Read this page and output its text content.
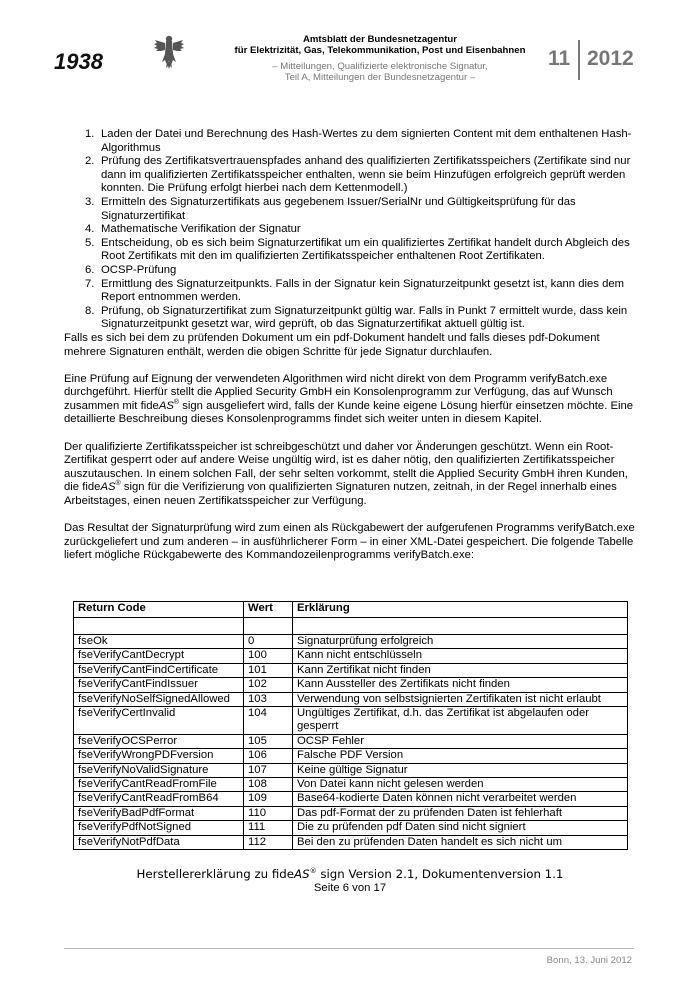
1938
Amtsblatt der Bundesnetzagentur
für Elektrizität, Gas, Telekommunikation, Post und Eisenbahnen
– Mitteilungen, Qualifizierte elektronische Signatur,
Teil A, Mitteilungen der Bundesnetzagentur –
11 2012
1. Laden der Datei und Berechnung des Hash-Wertes zu dem signierten Content mit dem enthaltenen Hash-Algorithmus
2. Prüfung des Zertifikatsvertrauenspfades anhand des qualifizierten Zertifikatsspeichers (Zertifikate sind nur dann im qualifizierten Zertifikatsspeicher enthalten, wenn sie beim Hinzufügen erfolgreich geprüft werden konnten. Die Prüfung erfolgt hierbei nach dem Kettenmodell.)
3. Ermitteln des Signaturzertifikats aus gegebenem Issuer/SerialNr und Gültigkeitsprüfung für das Signaturzertifikat
4. Mathematische Verifikation der Signatur
5. Entscheidung, ob es sich beim Signaturzertifikat um ein qualifiziertes Zertifikat handelt durch Abgleich des Root Zertifikats mit den im qualifizierten Zertifikatsspeicher enthaltenen Root Zertifikaten.
6. OCSP-Prüfung
7. Ermittlung des Signaturzeitpunkts. Falls in der Signatur kein Signaturzeitpunkt gesetzt ist, kann dies dem Report entnommen werden.
8. Prüfung, ob Signaturzertifikat zum Signaturzeitpunkt gültig war. Falls in Punkt 7 ermittelt wurde, dass kein Signaturzeitpunkt gesetzt war, wird geprüft, ob das Signaturzertifikat aktuell gültig ist.

Falls es sich bei dem zu prüfenden Dokument um ein pdf-Dokument handelt und falls dieses pdf-Dokument mehrere Signaturen enthält, werden die obigen Schritte für jede Signatur durchlaufen.

Eine Prüfung auf Eignung der verwendeten Algorithmen wird nicht direkt von dem Programm verifyBatch.exe durchgeführt. Hierfür stellt die Applied Security GmbH ein Konsolenprogramm zur Verfügung, das auf Wunsch zusammen mit fideAS® sign ausgeliefert wird, falls der Kunde keine eigene Lösung hierfür einsetzen möchte. Eine detaillierte Beschreibung dieses Konsolenprogramms findet sich weiter unten in diesem Kapitel.

Der qualifizierte Zertifikatsspeicher ist schreibgeschützt und daher vor Änderungen geschützt. Wenn ein Root-Zertifikat gesperrt oder auf andere Weise ungültig wird, ist es daher nötig, den qualifizierten Zertifikatsspeicher auszutauschen. In einem solchen Fall, der sehr selten vorkommt, stellt die Applied Security GmbH ihren Kunden, die fideAS® sign für die Verifizierung von qualifizierten Signaturen nutzen, zeitnah, in der Regel innerhalb eines Arbeitstages, einen neuen Zertifikatsspeicher zur Verfügung.

Das Resultat der Signaturprüfung wird zum einen als Rückgabewert der aufgerufenen Programms verifyBatch.exe zurückgeliefert und zum anderen – in ausführlicherer Form – in einer XML-Datei gespeichert. Die folgende Tabelle liefert mögliche Rückgabewerte des Kommandozeilenprogramms verifyBatch.exe:

Return Code	Wert	Erklärung

fseOk	0	Signaturprüfung erfolgreich
fseVerifyCantDecrypt	100	Kann nicht entschlüsseln
fseVerifyCantFindCertificate	101	Kann Zertifikat nicht finden
fseVerifyCantFindIssuer	102	Kann Aussteller des Zertifikats nicht finden
fseVerifyNoSelfSignedAllowed	103	Verwendung von selbstsignierten Zertifikaten ist nicht erlaubt
fseVerifyCertInvalid	104	Ungültiges Zertifikat, d.h. das Zertifikat ist abgelaufen oder gesperrt
fseVerifyOCSPerror	105	OCSP Fehler
fseVerifyWrongPDFversion	106	Falsche PDF Version
fseVerifyNoValidSignature	107	Keine gültige Signatur
fseVerifyCantReadFromFile	108	Von Datei kann nicht gelesen werden
fseVerifyCantReadFromB64	109	Base64-kodierte Daten können nicht verarbeitet werden
fseVerifyBadPdfFormat	110	Das pdf-Format der zu prüfenden Daten ist fehlerhaft
fseVerifyPdfNotSigned	111	Die zu prüfenden pdf Daten sind nicht signiert
fseVerifyNotPdfData	112	Bei den zu prüfenden Daten handelt es sich nicht um
Herstellererklärung zu fideAS® sign Version 2.1, Dokumentenversion 1.1
Seite 6 von 17
Bonn, 13. Juni 2012
